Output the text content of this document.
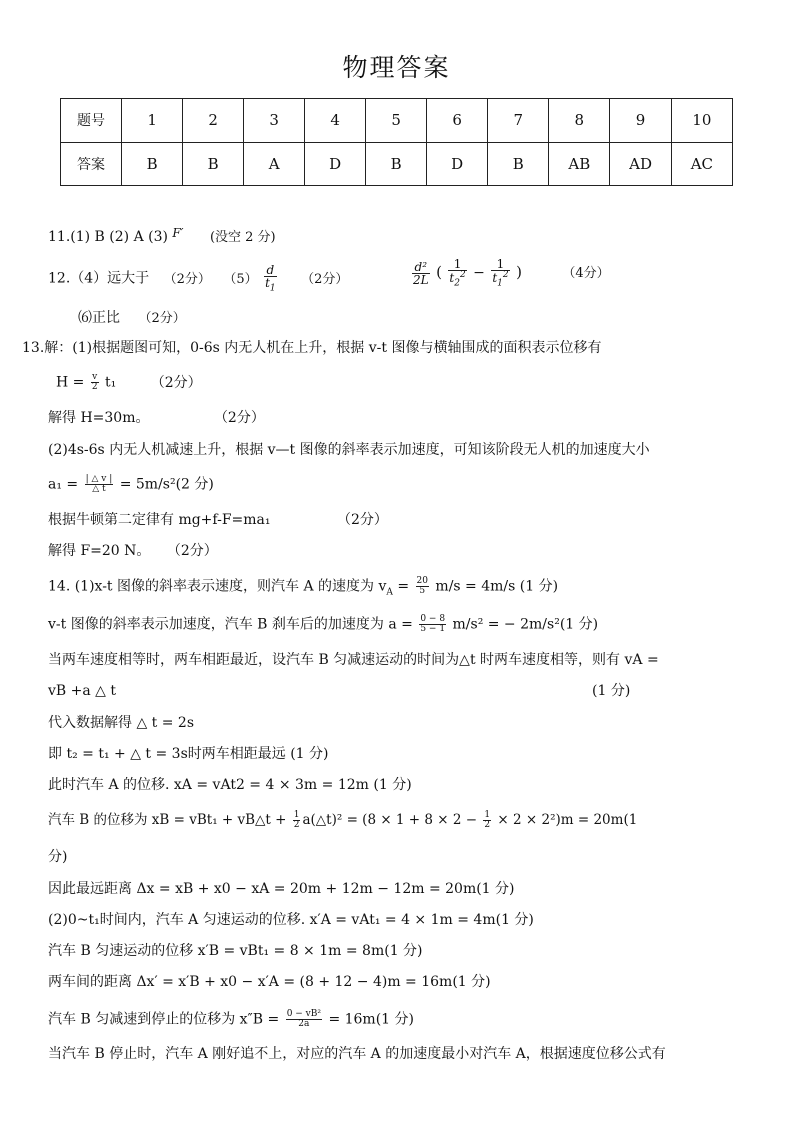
物理答案
题号	1	2	3	4	5	6	7	8	9	10
答案	B	B	A	D	B	D	B	AB	AD	AC
11.(1) B (2) A (3) F′ (没空 2 分)
12.（4）远大于 （2分） $(5) \frac{d}{t_1} (2$分）	$\frac{\text{d²}}{2L}$ ( $\frac{1}{t_2^2} - \frac{1}{t_1^2}$ )	（4分）
⑹正比 （2分）
13.解：(1)根据题图可知，0-6s 内无人机在上升，根据 v-t 图像与横轴围成的面积表示位移有
$H = \frac{v}{2} t_1$ （2分）
解得 H=30m。	（2分）
(2)4s-6s 内无人机减速上升，根据 v—t 图像的斜率表示加速度，可知该阶段无人机的加速度大小
$a_1 = \frac{| \triangle v |}{\triangle t} = 5m/s^2(2$ 分)
根据牛顿第二定律有 mg+f-F=ma₁	（2分）
解得 F=20 N。 （2分）
14. (1)x-t 图像的斜率表示速度，则汽车 A 的速度为 $v_A = \frac{20}{5} m/s = 4m/s$ (1 分)
v-t 图像的斜率表示加速度，汽车 B 刹车后的加速度为 $a = \frac{0 - 8}{5 - 1} m/s^2$ = − 2m/s²(1 分)
当两车速度相等时，两车相距最近，设汽车 B 匀减速运动的时间为△t 时两车速度相等，则有 vA =
vB +a △ t	(1 分)
代入数据解得 △ t = 2s
即 t₂ = t₁ + △ t = 3s时两车相距最远 (1 分)
此时汽车 A 的位移. xA = vAt2 = 4 × 3m = 12m (1 分)
汽车 B 的位移为 xB = vBt₁ + vB△t + $\frac{1}{2}$ a(△t)² = $(8 \times 1 + 8 \times 2 - \frac{1}{2} \times 2 \times 2^2)m = 20m(1$
分)
因此最远距离 Δx = xB + x0 − xA = 20m + 12m − 12m = 20m(1 分)
(2)0~t₁时间内，汽车 A 匀速运动的位移. x′A = vAt₁ = 4 × 1m = 4m(1 分)
汽车 B 匀速运动的位移 x′B = vBt₁ = 8 × 1m = 8m(1 分)
两车间的距离 Δx′ = x′B + x0 − x′A = (8 + 12 − 4)m = 16m(1 分)
汽车 B 匀减速到停止的位移为 $x''B = \frac{\text{0 − vB²}}{2a} = 16m(1$ 分)
当汽车 B 停止时，汽车 A 刚好追不上，对应的汽车 A 的加速度最小对汽车 A，根据速度位移公式有
